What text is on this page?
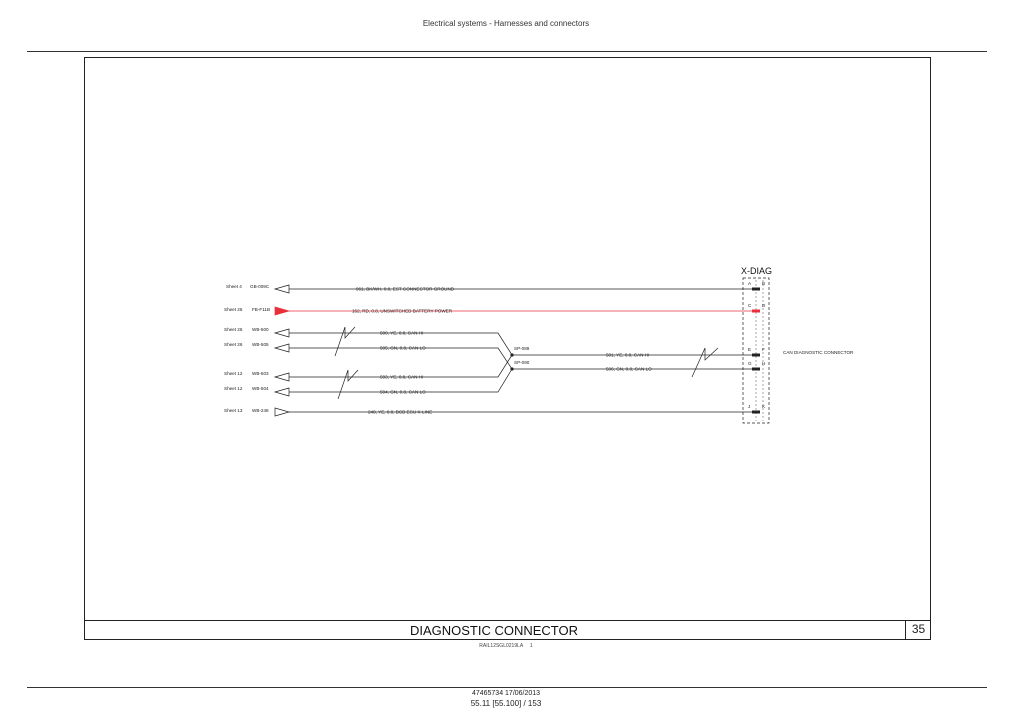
Electrical systems - Harnesses and connectors
Sheet 4 GB-009C	961, BK/WH, 0.8, EST CONNECTOR GROUND
Sheet 26 FB-F11B	162, RD, 0.8, UNSWITCHED BATTERY POWER
Sheet 26 WB-500
500, YE, 0.8, CAN HI
Sheet 26 WB-505
505, GN, 0.8, CAN LO
Sheet 12 WB-503
503, YE, 0.8, CAN HI
Sheet 12 WB-504
504, GN, 0.8, CAN LO
SP-089
SP-090
501, YE, 0.8, CAN HI
506, GN, 0.8, CAN LO
Sheet 13 WB-248	248, YE, 0.8, BCB ECU K-LINE
X-DIAG
A B
C D
E F
G H
J	K
CAN DIAGNOSTIC CONNECTOR
DIAGNOSTIC CONNECTOR	35
RAIL12SGL0219LA 1
47465734 17/06/2013
55.11 [55.100] / 153
